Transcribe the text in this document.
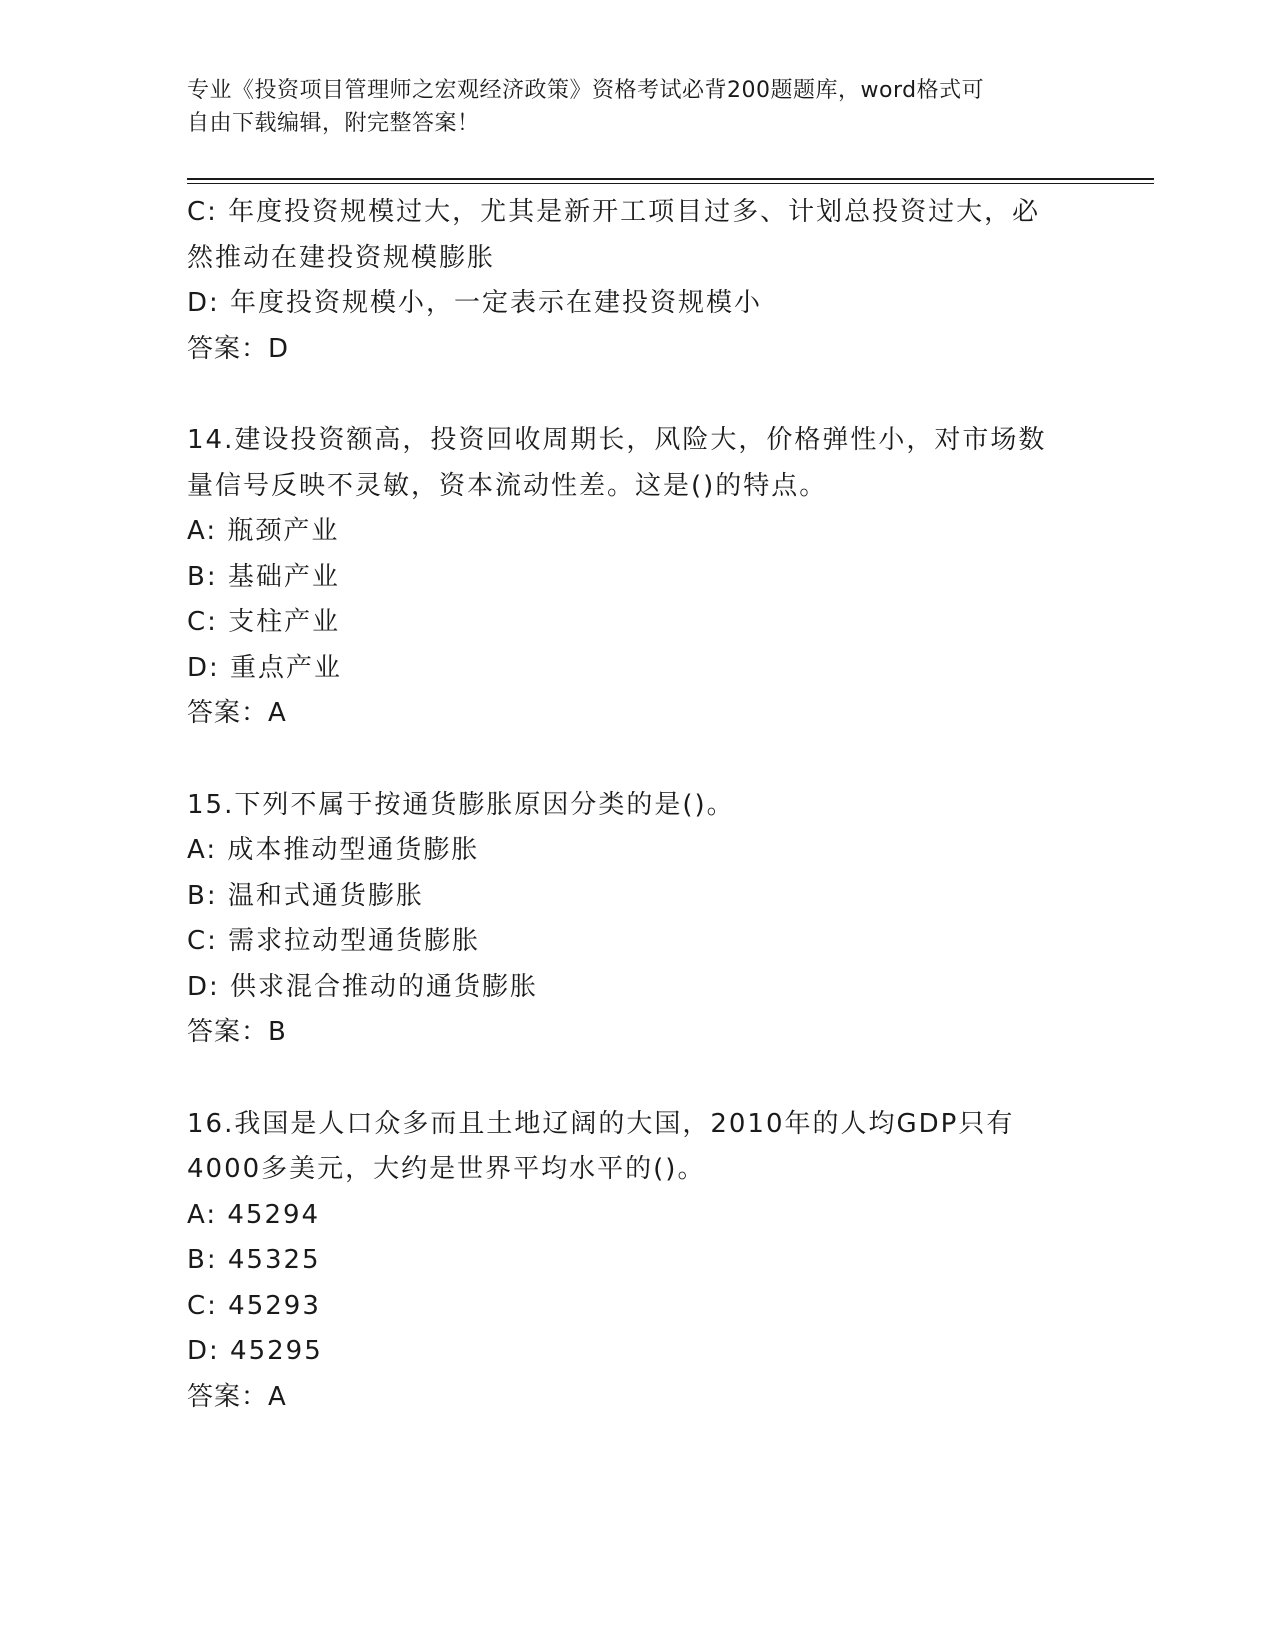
专业《投资项目管理师之宏观经济政策》资格考试必背200题题库，word格式可
自由下载编辑，附完整答案！
C: 年度投资规模过大，尤其是新开工项目过多、计划总投资过大，必
然推动在建投资规模膨胀
D: 年度投资规模小，一定表示在建投资规模小
答案：D
14.建设投资额高，投资回收周期长，风险大，价格弹性小，对市场数
量信号反映不灵敏，资本流动性差。这是()的特点。
A: 瓶颈产业
B: 基础产业
C: 支柱产业
D: 重点产业
答案：A
15.下列不属于按通货膨胀原因分类的是()。
A: 成本推动型通货膨胀
B: 温和式通货膨胀
C: 需求拉动型通货膨胀
D: 供求混合推动的通货膨胀
答案：B
16.我国是人口众多而且土地辽阔的大国，2010年的人均GDP只有
4000多美元，大约是世界平均水平的()。
A: 45294
B: 45325
C: 45293
D: 45295
答案：A
